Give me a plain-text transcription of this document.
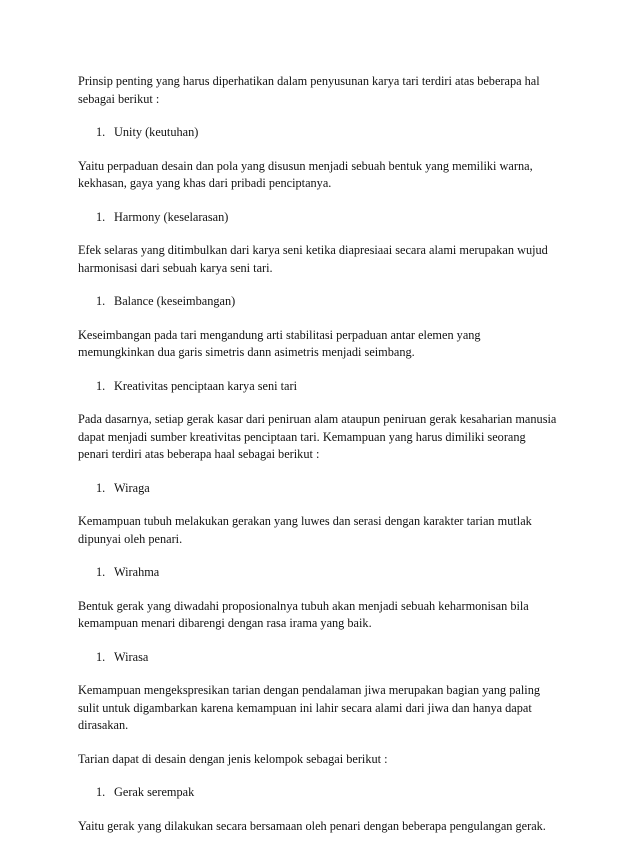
Prinsip penting yang harus diperhatikan dalam penyusunan karya tari terdiri atas beberapa hal sebagai berikut :

1. Unity (keutuhan)

Yaitu perpaduan desain dan pola yang disusun menjadi sebuah bentuk yang memiliki warna, kekhasan, gaya yang khas dari pribadi penciptanya.

1. Harmony (keselarasan)

Efek selaras yang ditimbulkan dari karya seni ketika diapresiaai secara alami merupakan wujud harmonisasi dari sebuah karya seni tari.

1. Balance (keseimbangan)

Keseimbangan pada tari mengandung arti stabilitasi perpaduan antar elemen yang memungkinkan dua garis simetris dann asimetris menjadi seimbang.

1. Kreativitas penciptaan karya seni tari

Pada dasarnya, setiap gerak kasar dari peniruan alam ataupun peniruan gerak kesaharian manusia dapat menjadi sumber kreativitas penciptaan tari. Kemampuan yang harus dimiliki seorang penari terdiri atas beberapa haal sebagai berikut :

1. Wiraga

Kemampuan tubuh melakukan gerakan yang luwes dan serasi dengan karakter tarian mutlak dipunyai oleh penari.

1. Wirahma

Bentuk gerak yang diwadahi proposionalnya tubuh akan menjadi sebuah keharmonisan bila kemampuan menari dibarengi dengan rasa irama yang baik.

1. Wirasa

Kemampuan mengekspresikan tarian dengan pendalaman jiwa merupakan bagian yang paling sulit untuk digambarkan karena kemampuan ini lahir secara alami dari jiwa dan hanya dapat dirasakan.

Tarian dapat di desain dengan jenis kelompok sebagai berikut :

1. Gerak serempak

Yaitu gerak yang dilakukan secara bersamaan oleh penari dengan beberapa pengulangan gerak.
